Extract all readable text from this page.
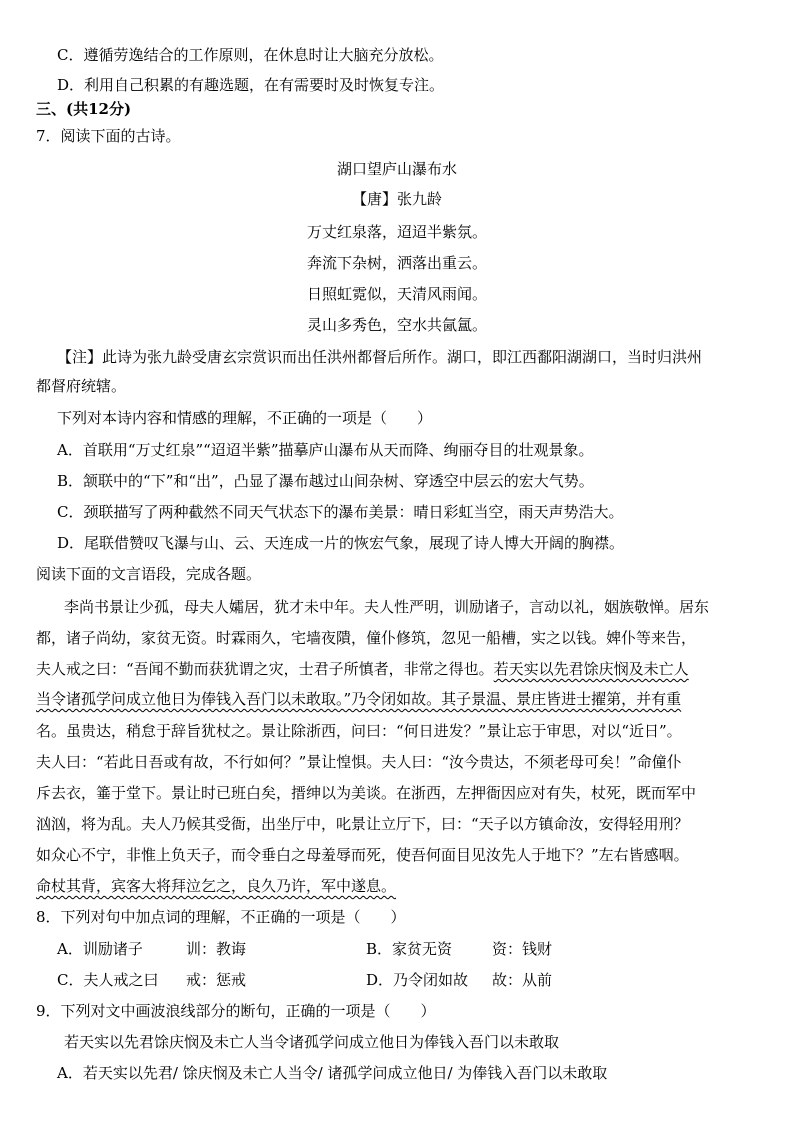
C．遵循劳逸结合的工作原则，在休息时让大脑充分放松。
D．利用自己积累的有趣选题，在有需要时及时恢复专注。
三、(共12分)
7．阅读下面的古诗。
湖口望庐山瀑布水
【唐】张九龄
万丈红泉落，迢迢半紫氛。
奔流下杂树，洒落出重云。
日照虹霓似，天清风雨闻。
灵山多秀色，空水共氤氲。
【注】此诗为张九龄受唐玄宗赏识而出任洪州都督后所作。湖口，即江西鄱阳湖湖口，当时归洪州
都督府统辖。
下列对本诗内容和情感的理解，不正确的一项是（　　）
A．首联用“万丈红泉”“迢迢半紫”描摹庐山瀑布从天而降、绚丽夺目的壮观景象。
B．颔联中的“下”和“出”，凸显了瀑布越过山间杂树、穿透空中层云的宏大气势。
C．颈联描写了两种截然不同天气状态下的瀑布美景：晴日彩虹当空，雨天声势浩大。
D．尾联借赞叹飞瀑与山、云、天连成一片的恢宏气象，展现了诗人博大开阔的胸襟。
阅读下面的文言语段，完成各题。
李尚书景让少孤，母夫人孀居，犹才未中年。夫人性严明，训励诸子，言动以礼，姻族敬惮。居东
都，诸子尚幼，家贫无资。时霖雨久，宅墙夜隤，僮仆修筑，忽见一船槽，实之以钱。婢仆等来告，
夫人戒之曰：“吾闻不勤而获犹谓之灾，士君子所慎者，非常之得也。若天实以先君馀庆悯及未亡人
当令诸孤学问成立他日为俸钱入吾门以未敢取。”乃令闭如故。其子景温、景庄皆进士擢第，并有重
名。虽贵达，稍怠于辞旨犹杖之。景让除浙西，问曰：“何日进发？”景让忘于审思，对以“近日”。
夫人曰：“若此日吾或有故，不行如何？”景让惶惧。夫人曰：“汝今贵达，不须老母可矣！”命僮仆
斥去衣，箠于堂下。景让时已班白矣，搢绅以为美谈。在浙西，左押衙因应对有失，杖死，既而军中
汹汹，将为乱。夫人乃候其受衙，出坐厅中，叱景让立厅下，曰：“天子以方镇命汝，安得轻用刑？
如众心不宁，非惟上负天子，而令垂白之母羞辱而死，使吾何面目见汝先人于地下？”左右皆感咽。
命杖其背，宾客大将拜泣乞之，良久乃许，军中遂息。
8．下列对句中加点词的理解，不正确的一项是（　　）
A．训励诸子	训：教诲	B．家贫无资	资：钱财
C．夫人戒之曰 戒：惩戒	D．乃令闭如故 故：从前
9．下列对文中画波浪线部分的断句，正确的一项是（　　）
若天实以先君馀庆悯及未亡人当令诸孤学问成立他日为俸钱入吾门以未敢取
A．若天实以先君/ 馀庆悯及未亡人当令/ 诸孤学问成立他日/ 为俸钱入吾门以未敢取
